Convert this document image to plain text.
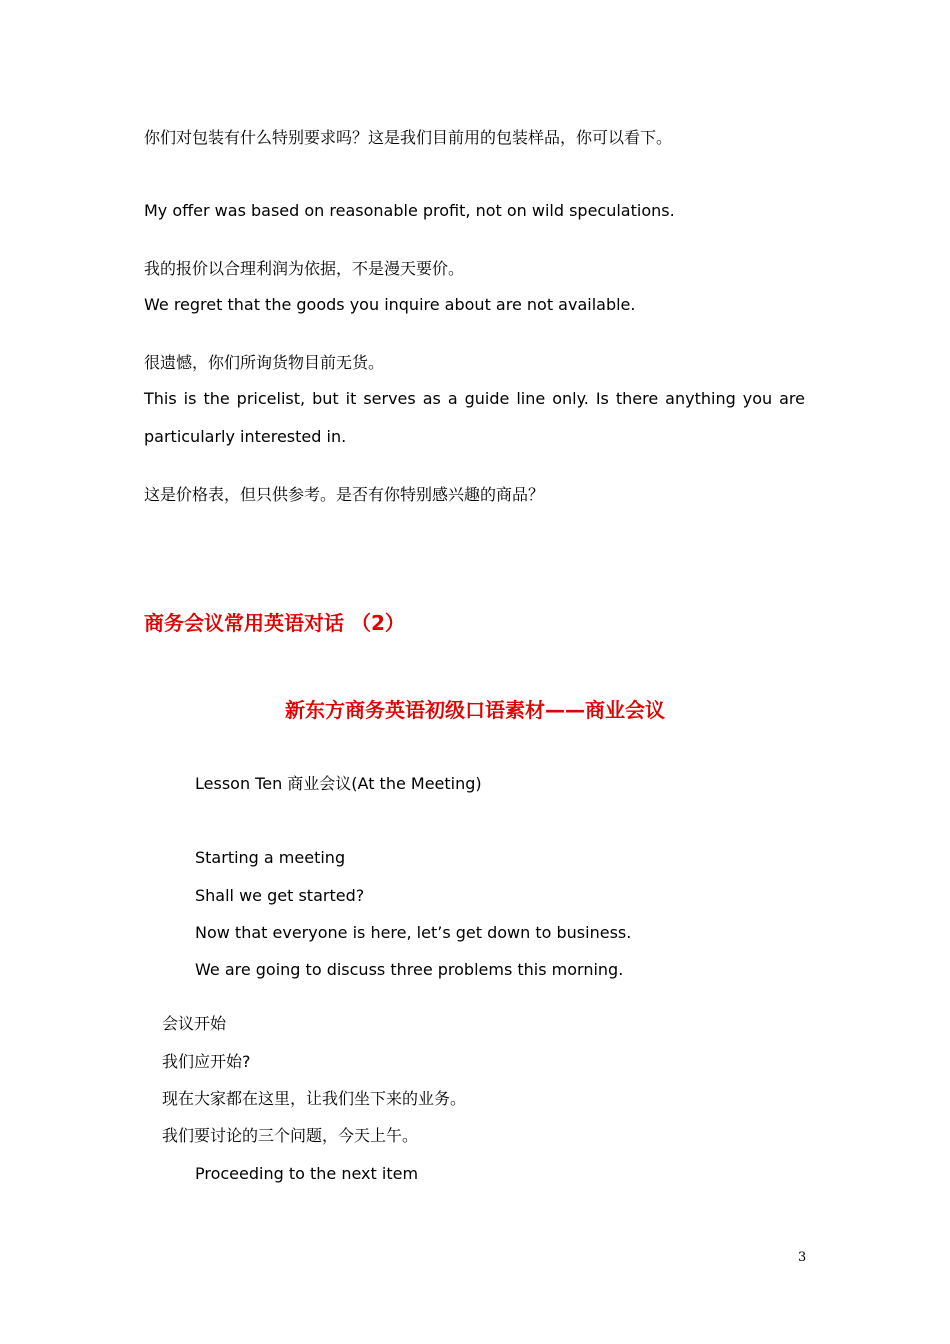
你们对包装有什么特别要求吗？这是我们目前用的包装样品，你可以看下。
My offer was based on reasonable profit, not on wild speculations.
我的报价以合理利润为依据，不是漫天要价。
We regret that the goods you inquire about are not available.
很遗憾，你们所询货物目前无货。
This is the pricelist, but it serves as a guide line only. Is there anything you are particularly interested in.
这是价格表，但只供参考。是否有你特别感兴趣的商品？
商务会议常用英语对话 （2）
新东方商务英语初级口语素材——商业会议
Lesson Ten 商业会议(At the Meeting)
Starting a meeting
Shall we get started?
Now that everyone is here, let’s get down to business.
We are going to discuss three problems this morning.
会议开始
我们应开始?
现在大家都在这里，让我们坐下来的业务。
我们要讨论的三个问题，今天上午。
Proceeding to the next item
3
